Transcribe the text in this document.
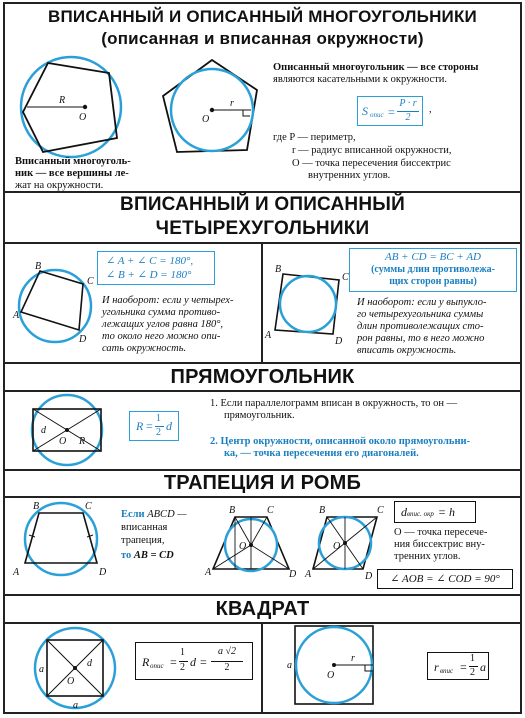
ВПИСАННЫЙ И ОПИСАННЫЙ МНОГОУГОЛЬНИКИ
(описанная и вписанная окружности)
R
O
Вписанный многоуголь-
ник — все вершины ле-
жат на окружности.
r
O
Описанный многоугольник — все стороны
являются касательными к окружности.
S опис =
P · r
2
,
где P — периметр,
r — радиус вписанной окружности,
O — точка пересечения биссектрис
внутренних углов.
ВПИСАННЫЙ И ОПИСАННЫЙ
ЧЕТЫРЕХУГОЛЬНИКИ
B
C
A
D
∠ A + ∠ C = 180°,
∠ B + ∠ D = 180°
И наоборот: если у четырех-
угольника сумма противо-
лежащих углов равна 180°,
то около него можно опи-
сать окружность.
B
C
A
D
AB + CD = BC + AD
(суммы длин противолежа-
щих сторон равны)
И наоборот: если у выпукло-
го четырехугольника суммы
длин противолежащих сто-
рон равны, то в него можно
вписать окружность.
ПРЯМОУГОЛЬНИК
d
O R
R =
1
2 d
1. Если параллелограмм вписан в окружность, то он —
прямоугольник.
2. Центр окружности, описанной около прямоугольни-
ка, — точка пересечения его диагоналей.
ТРАПЕЦИЯ И РОМБ
B	C
A	D
Если ABCD —
вписанная
трапеция,
то AB = CD
B	C
A	D
O
B	C
A	D
O
dвпис. окр = h
O — точка пересече-
ния биссектрис вну-
тренних углов.
∠ AOB = ∠ COD = 90°
КВАДРАТ
a
a
d
O
R опис =
1
2 d =
a √2
2
r
a
O
r впис =
1
2 a
